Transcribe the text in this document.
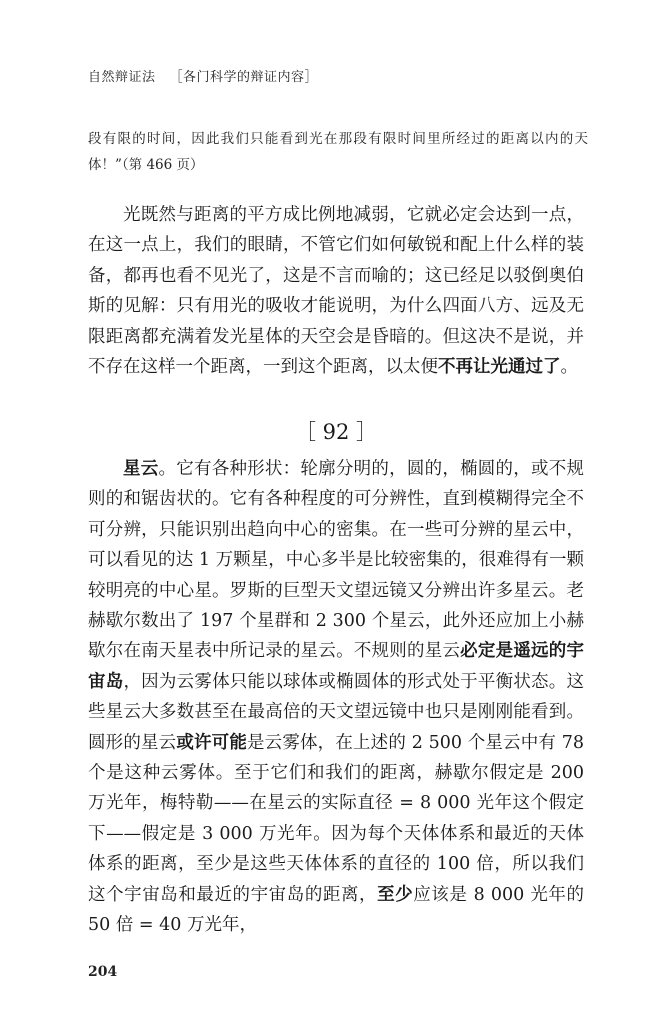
自然辩证法 ［各门科学的辩证内容］

段有限的时间，因此我们只能看到光在那段有限时间里所经过的距离以内的天体！”（第 466 页）

光既然与距离的平方成比例地减弱，它就必定会达到一点，在这一点上，我们的眼睛，不管它们如何敏锐和配上什么样的装备，都再也看不见光了，这是不言而喻的；这已经足以驳倒奥伯斯的见解：只有用光的吸收才能说明，为什么四面八方、远及无限距离都充满着发光星体的天空会是昏暗的。但这决不是说，并不存在这样一个距离，一到这个距离，以太便不再让光通过了。

［ 92 ］

星云。它有各种形状：轮廓分明的，圆的，椭圆的，或不规则的和锯齿状的。它有各种程度的可分辨性，直到模糊得完全不可分辨，只能识别出趋向中心的密集。在一些可分辨的星云中，可以看见的达 1 万颗星，中心多半是比较密集的，很难得有一颗较明亮的中心星。罗斯的巨型天文望远镜又分辨出许多星云。老赫歇尔数出了 197 个星群和 2 300 个星云，此外还应加上小赫歇尔在南天星表中所记录的星云。不规则的星云必定是遥远的宇宙岛，因为云雾体只能以球体或椭圆体的形式处于平衡状态。这些星云大多数甚至在最高倍的天文望远镜中也只是刚刚能看到。圆形的星云或许可能是云雾体，在上述的 2 500 个星云中有 78 个是这种云雾体。至于它们和我们的距离，赫歇尔假定是 200 万光年，梅特勒——在星云的实际直径 = 8 000 光年这个假定下——假定是 3 000 万光年。因为每个天体体系和最近的天体体系的距离，至少是这些天体体系的直径的 100 倍，所以我们这个宇宙岛和最近的宇宙岛的距离，至少应该是 8 000 光年的 50 倍 = 40 万光年，

204
